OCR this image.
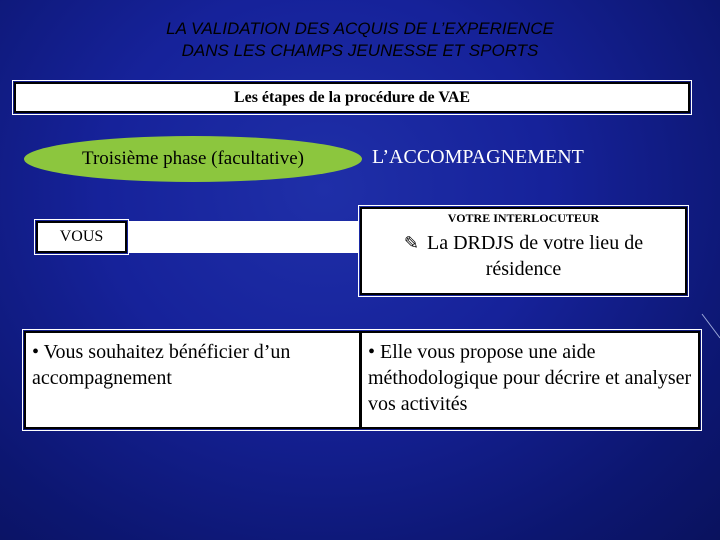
LA VALIDATION DES ACQUIS DE L’EXPERIENCE
DANS LES CHAMPS JEUNESSE ET SPORTS
Les étapes de la procédure de VAE
Troisième phase (facultative)	L’ACCOMPAGNEMENT
VOUS
VOTRE INTERLOCUTEUR
✎ La DRDJS de votre lieu de résidence
• Vous souhaitez bénéficier d’un accompagnement
• Elle vous propose une aide méthodologique pour décrire et analyser vos activités
